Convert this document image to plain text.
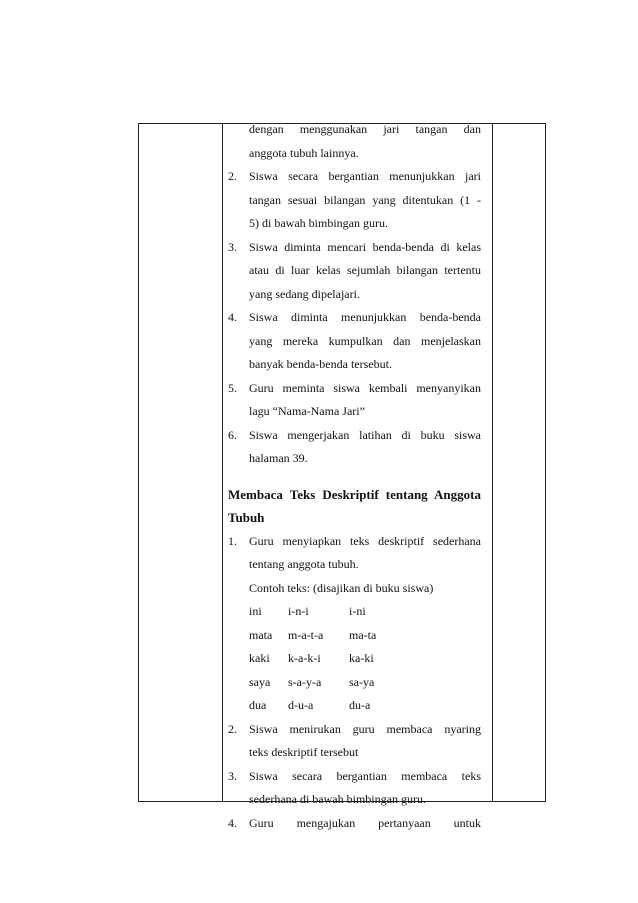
dengan menggunakan jari tangan dan
anggota tubuh lainnya.
2. Siswa secara bergantian menunjukkan jari
tangan sesuai bilangan yang ditentukan (1 -
5) di bawah bimbingan guru.
3. Siswa diminta mencari benda-benda di kelas
atau di luar kelas sejumlah bilangan tertentu
yang sedang dipelajari.
4. Siswa diminta menunjukkan benda-benda
yang mereka kumpulkan dan menjelaskan
banyak benda-benda tersebut.
5. Guru meminta siswa kembali menyanyikan
lagu “Nama-Nama Jari”
6. Siswa mengerjakan latihan di buku siswa
halaman 39.
Membaca Teks Deskriptif tentang Anggota
Tubuh
1. Guru menyiapkan teks deskriptif sederhana
tentang anggota tubuh.
Contoh teks: (disajikan di buku siswa)
ini	i-n-i	i-ni
mata	m-a-t-a	ma-ta
kaki	k-a-k-i	ka-ki
saya	s-a-y-a	sa-ya
dua	d-u-a	du-a
2. Siswa menirukan guru membaca nyaring
teks deskriptif tersebut
3. Siswa secara bergantian membaca teks
sederhana di bawah bimbingan guru.
4. Guru mengajukan pertanyaan untuk
